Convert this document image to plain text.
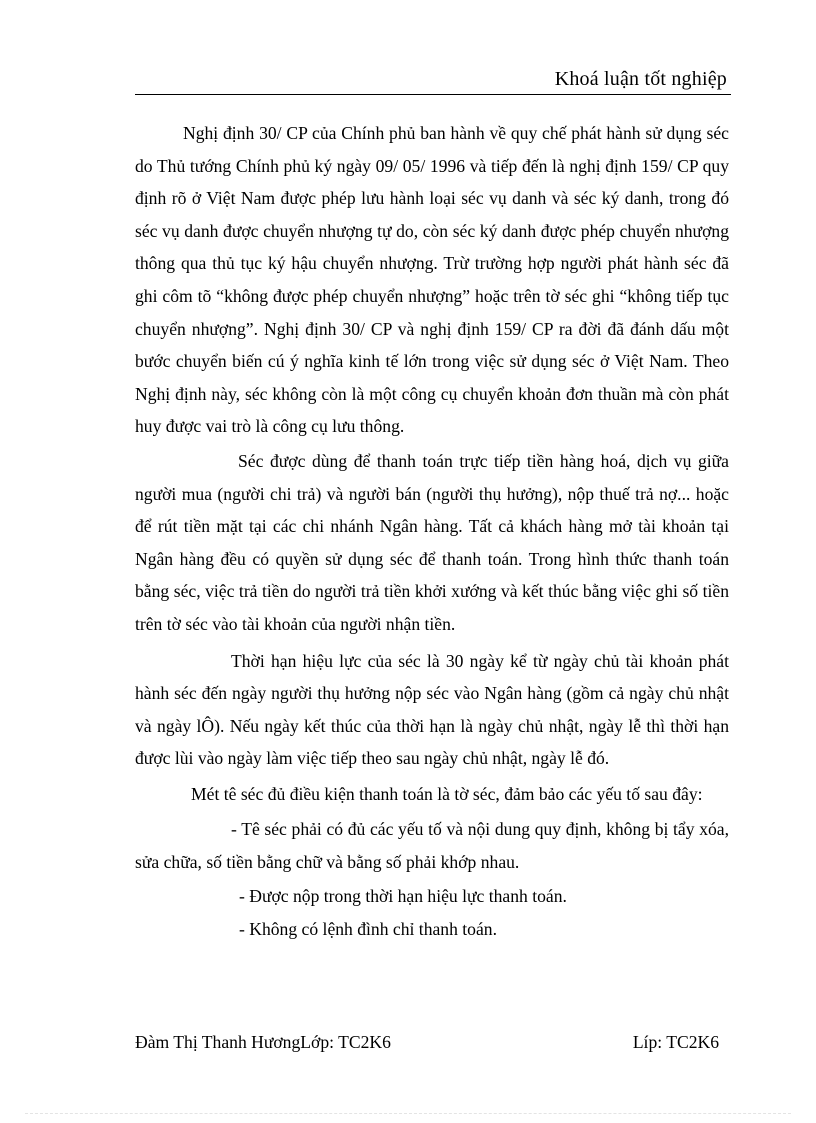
Khoá luận tốt nghiệp

Nghị định 30/ CP của Chính phủ ban hành về quy chế phát hành sử dụng séc do Thủ tướng Chính phủ ký ngày 09/ 05/ 1996 và tiếp đến là nghị định 159/ CP quy định rõ ở Việt Nam được phép lưu hành loại séc vụ danh và séc ký danh, trong đó séc vụ danh được chuyển nhượng tự do, còn séc ký danh được phép chuyển nhượng thông qua thủ tục ký hậu chuyển nhượng. Trừ trường hợp người phát hành séc đã ghi côm tõ “không được phép chuyển nhượng” hoặc trên tờ séc ghi “không tiếp tục chuyển nhượng”. Nghị định 30/ CP và nghị định 159/ CP ra đời đã đánh dấu một bước chuyển biến cú ý nghĩa kinh tế lớn trong việc sử dụng séc ở Việt Nam. Theo Nghị định này, séc không còn là một công cụ chuyển khoản đơn thuần mà còn phát huy được vai trò là công cụ lưu thông.

Séc được dùng để thanh toán trực tiếp tiền hàng hoá, dịch vụ giữa người mua (người chi trả) và người bán (người thụ hưởng), nộp thuế trả nợ... hoặc để rút tiền mặt tại các chi nhánh Ngân hàng. Tất cả khách hàng mở tài khoản tại Ngân hàng đều có quyền sử dụng séc để thanh toán. Trong hình thức thanh toán bằng séc, việc trả tiền do người trả tiền khởi xướng và kết thúc bằng việc ghi số tiền trên tờ séc vào tài khoản của người nhận tiền.

Thời hạn hiệu lực của séc là 30 ngày kể từ ngày chủ tài khoản phát hành séc đến ngày người thụ hưởng nộp séc vào Ngân hàng (gồm cả ngày chủ nhật và ngày lÔ). Nếu ngày kết thúc của thời hạn là ngày chủ nhật, ngày lễ thì thời hạn được lùi vào ngày làm việc tiếp theo sau ngày chủ nhật, ngày lễ đó.

Mét tê séc đủ điều kiện thanh toán là tờ séc, đảm bảo các yếu tố sau đây:

- Tê séc phải có đủ các yếu tố và nội dung quy định, không bị tẩy xóa, sửa chữa, số tiền bằng chữ và bằng số phải khớp nhau.

- Được nộp trong thời hạn hiệu lực thanh toán.

- Không có lệnh đình chỉ thanh toán.

Đàm Thị Thanh HươngLớp: TC2K6	Líp: TC2K6
